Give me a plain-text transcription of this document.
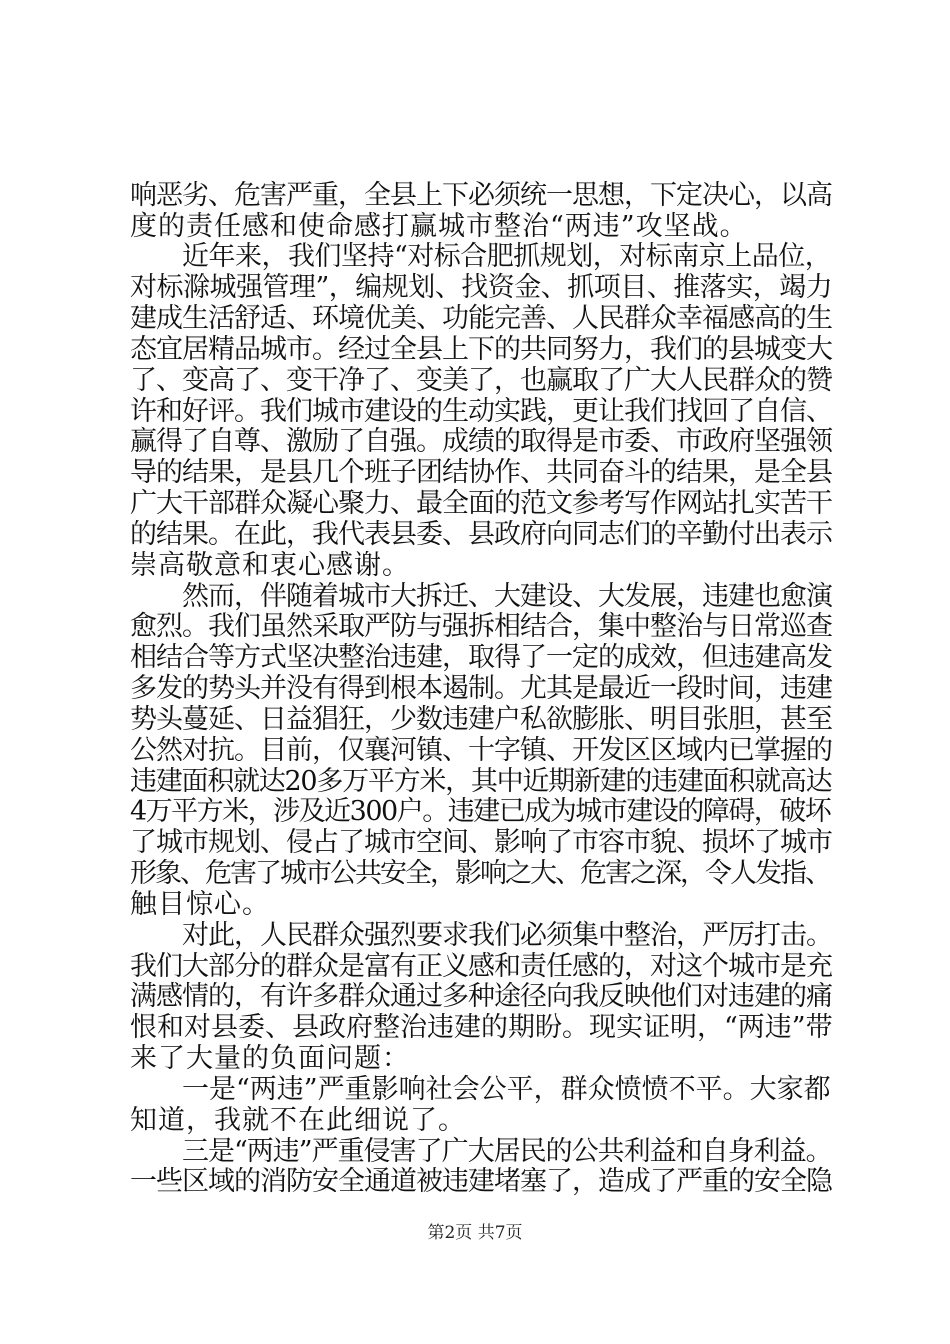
响恶劣、危害严重，全县上下必须统一思想，下定决心，以高
度的责任感和使命感打赢城市整治“两违”攻坚战。
近年来，我们坚持“对标合肥抓规划，对标南京上品位，
对标滁城强管理”，编规划、找资金、抓项目、推落实，竭力
建成生活舒适、环境优美、功能完善、人民群众幸福感高的生
态宜居精品城市。经过全县上下的共同努力，我们的县城变大
了、变高了、变干净了、变美了，也赢取了广大人民群众的赞
许和好评。我们城市建设的生动实践，更让我们找回了自信、
赢得了自尊、激励了自强。成绩的取得是市委、市政府坚强领
导的结果，是县几个班子团结协作、共同奋斗的结果，是全县
广大干部群众凝心聚力、最全面的范文参考写作网站扎实苦干
的结果。在此，我代表县委、县政府向同志们的辛勤付出表示
崇高敬意和衷心感谢。
然而，伴随着城市大拆迁、大建设、大发展，违建也愈演
愈烈。我们虽然采取严防与强拆相结合，集中整治与日常巡查
相结合等方式坚决整治违建，取得了一定的成效，但违建高发
多发的势头并没有得到根本遏制。尤其是最近一段时间，违建
势头蔓延、日益猖狂，少数违建户私欲膨胀、明目张胆，甚至
公然对抗。目前，仅襄河镇、十字镇、开发区区域内已掌握的
违建面积就达20多万平方米，其中近期新建的违建面积就高达
4万平方米，涉及近300户。违建已成为城市建设的障碍，破坏
了城市规划、侵占了城市空间、影响了市容市貌、损坏了城市
形象、危害了城市公共安全，影响之大、危害之深，令人发指、
触目惊心。
对此，人民群众强烈要求我们必须集中整治，严厉打击。
我们大部分的群众是富有正义感和责任感的，对这个城市是充
满感情的，有许多群众通过多种途径向我反映他们对违建的痛
恨和对县委、县政府整治违建的期盼。现实证明，“两违”带
来了大量的负面问题：
一是“两违”严重影响社会公平，群众愤愤不平。大家都
知道，我就不在此细说了。
三是“两违”严重侵害了广大居民的公共利益和自身利益。
一些区域的消防安全通道被违建堵塞了，造成了严重的安全隐
第2页 共7页
